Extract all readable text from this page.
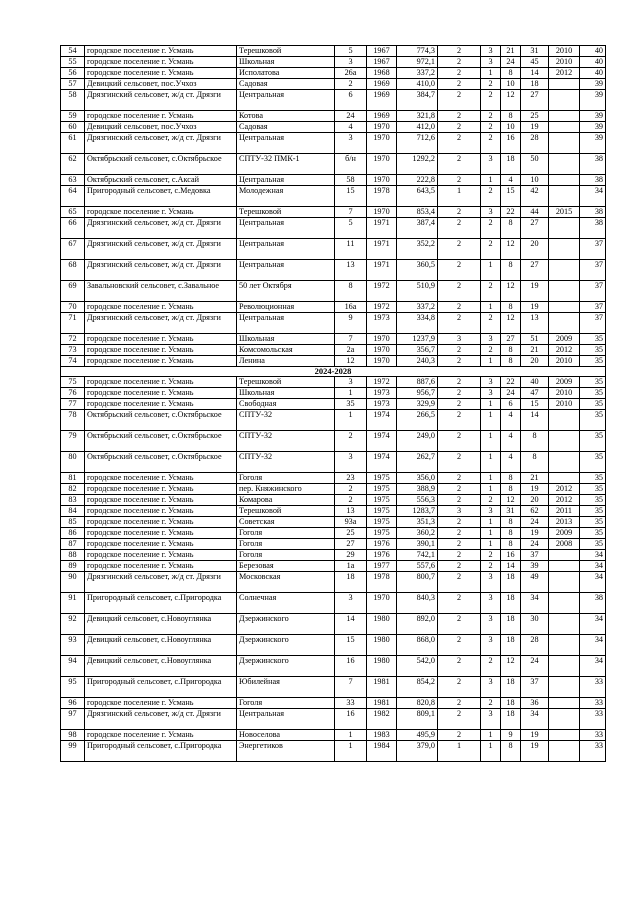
54	городское поселение г. Усмань	Терешковой	5	1967	774,3	2	3	21	31	2010	40
55	городское поселение г. Усмань	Школьная	3	1967	972,1	2	3	24	45	2010	40
56	городское поселение г. Усмань	Исполатова	26а	1968	337,2	2	1	8	14	2012	40
57	Девицкий сельсовет, пос.Учхоз	Садовая	2	1969	410,0	2	2	10	18		39
58	Дрязгинский сельсовет, ж/д ст. Дрязги	Центральная	6	1969	384,7	2	2	12	27		39
59	городское поселение г. Усмань	Котова	24	1969	321,8	2	2	8	25		39
60	Девицкий сельсовет, пос.Учхоз	Садовая	4	1970	412,0	2	2	10	19		39
61	Дрязгинский сельсовет, ж/д ст. Дрязги	Центральная	3	1970	712,6	2	2	16	28		39
62	Октябрьский сельсовет, с.Октябрьское	СПТУ-32 ПМК-1	б/н	1970	1292,2	2	3	18	50		38
63	Октябрьский сельсовет, с.Аксай	Центральная	58	1970	222,8	2	1	4	10		38
64	Пригородный сельсовет, с.Медовка	Молодежная	15	1978	643,5	1	2	15	42		34
65	городское поселение г. Усмань	Терешковой	7	1970	853,4	2	3	22	44	2015	38
66	Дрязгинский сельсовет, ж/д ст. Дрязги	Центральная	5	1971	387,4	2	2	8	27		38
67	Дрязгинский сельсовет, ж/д ст. Дрязги	Центральная	11	1971	352,2	2	2	12	20		37
68	Дрязгинский сельсовет, ж/д ст. Дрязги	Центральная	13	1971	360,5	2	1	8	27		37
69	Завальновский сельсовет, с.Завальное	50 лет Октября	8	1972	510,9	2	2	12	19		37
70	городское поселение г. Усмань	Революционная	16а	1972	337,2	2	1	8	19		37
71	Дрязгинский сельсовет, ж/д ст. Дрязги	Центральная	9	1973	334,8	2	2	12	13		37
72	городское поселение г. Усмань	Школьная	7	1970	1237,9	3	3	27	51	2009	35
73	городское поселение г. Усмань	Комсомольская	2а	1970	356,7	2	2	8	21	2012	35
74	городское поселение г. Усмань	Ленина	12	1970	240,3	2	1	8	20	2010	35
2024-2028											
75	городское поселение г. Усмань	Терешковой	3	1972	887,6	2	3	22	40	2009	35
76	городское поселение г. Усмань	Школьная	1	1973	956,7	2	3	24	47	2010	35
77	городское поселение г. Усмань	Свободная	35	1973	329,9	2	1	6	15	2010	35
78	Октябрьский сельсовет, с.Октябрьское	СПТУ-32	1	1974	266,5	2	1	4	14		35
79	Октябрьский сельсовет, с.Октябрьское	СПТУ-32	2	1974	249,0	2	1	4	8		35
80	Октябрьский сельсовет, с.Октябрьское	СПТУ-32	3	1974	262,7	2	1	4	8		35
81	городское поселение г. Усмань	Гоголя	23	1975	356,0	2	1	8	21		35
82	городское поселение г. Усмань	пер. Княжинского	2	1975	388,9	2	1	8	19	2012	35
83	городское поселение г. Усмань	Комарова	2	1975	556,3	2	2	12	20	2012	35
84	городское поселение г. Усмань	Терешковой	13	1975	1283,7	3	3	31	62	2011	35
85	городское поселение г. Усмань	Советская	93а	1975	351,3	2	1	8	24	2013	35
86	городское поселение г. Усмань	Гоголя	25	1975	360,2	2	1	8	19	2009	35
87	городское поселение г. Усмань	Гоголя	27	1976	390,1	2	1	8	24	2008	35
88	городское поселение г. Усмань	Гоголя	29	1976	742,1	2	2	16	37		34
89	городское поселение г. Усмань	Березовая	1а	1977	557,6	2	2	14	39		34
90	Дрязгинский сельсовет, ж/д ст. Дрязги	Московская	18	1978	800,7	2	3	18	49		34
91	Пригородный сельсовет, с.Пригородка	Солнечная	3	1970	840,3	2	3	18	34		38
92	Девицкий сельсовет, с.Новоуглянка	Дзержинского	14	1980	892,0	2	3	18	30		34
93	Девицкий сельсовет, с.Новоуглянка	Дзержинского	15	1980	868,0	2	3	18	28		34
94	Девицкий сельсовет, с.Новоуглянка	Дзержинского	16	1980	542,0	2	2	12	24		34
95	Пригородный сельсовет, с.Пригородка	Юбилейная	7	1981	854,2	2	3	18	37		33
96	городское поселение г. Усмань	Гоголя	33	1981	820,8	2	2	18	36		33
97	Дрязгинский сельсовет, ж/д ст. Дрязги	Центральная	16	1982	809,1	2	3	18	34		33
98	городское поселение г. Усмань	Новоселова	1	1983	495,9	2	1	9	19		33
99	Пригородный сельсовет, с.Пригородка	Энергетиков	1	1984	379,0	1	1	8	19		33
